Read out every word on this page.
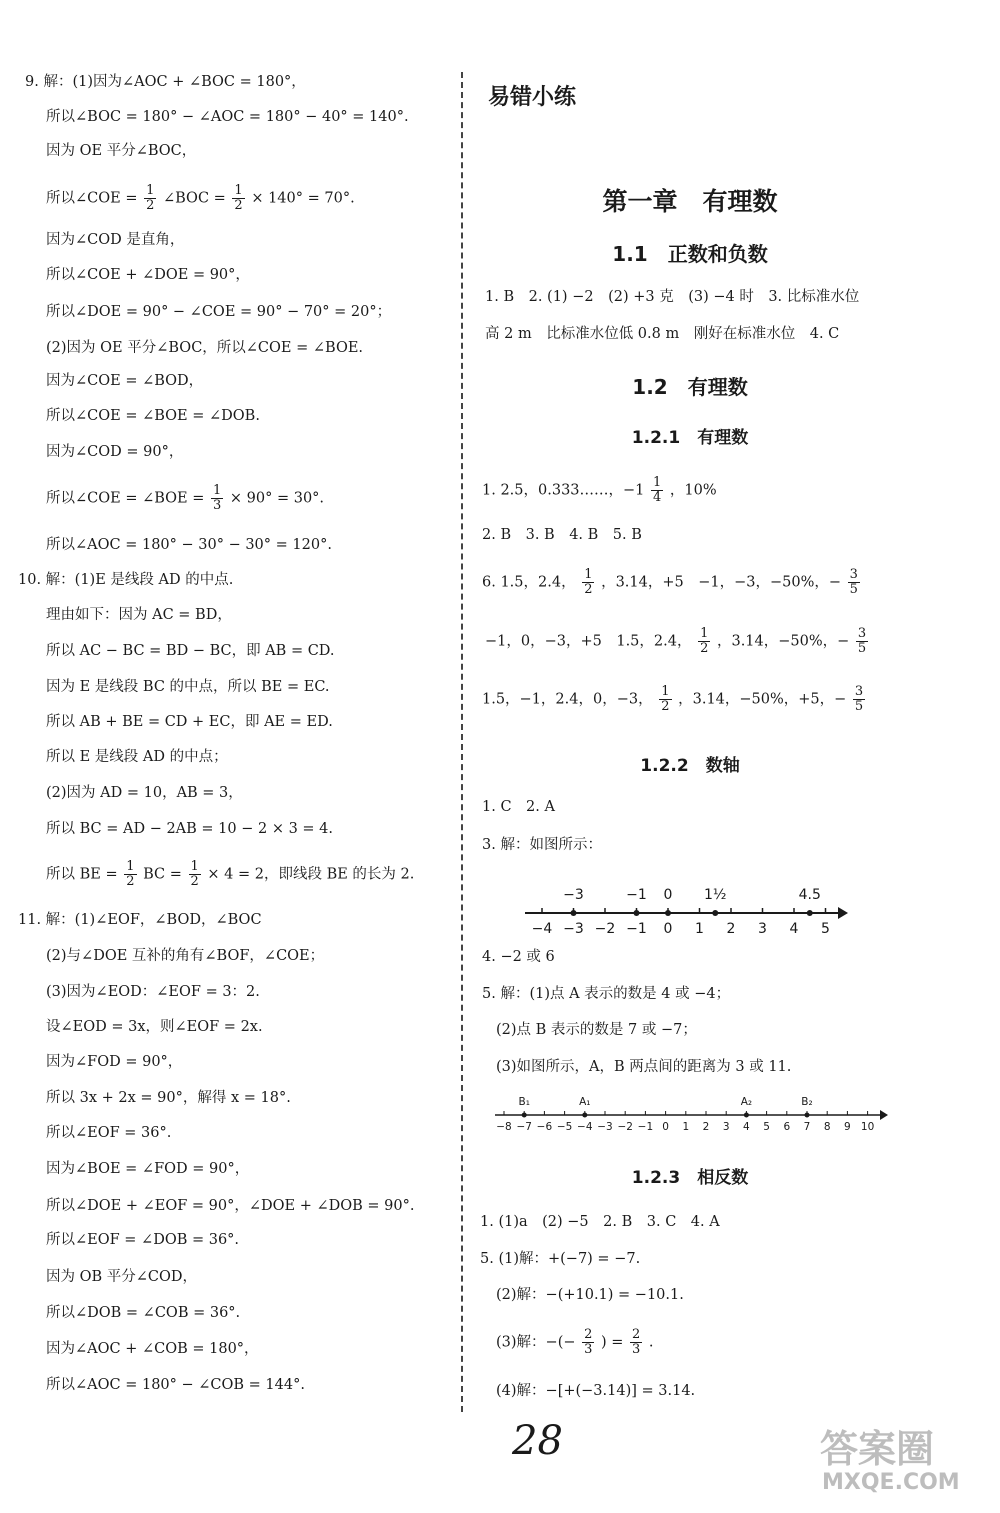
9. 解：(1)因为∠AOC + ∠BOC = 180°，
所以∠BOC = 180° − ∠AOC = 180° − 40° = 140°.
因为 OE 平分∠BOC，
所以∠COE = $\frac{1}{2}$ ∠BOC = $\frac{1}{2} \times 140^\circ = 70^\circ$.
因为∠COD 是直角，
所以∠COE + ∠DOE = 90°，
所以∠DOE = 90° − ∠COE = 90° − 70° = 20°；
(2)因为 OE 平分∠BOC，所以∠COE = ∠BOE.
因为∠COE = ∠BOD，
所以∠COE = ∠BOE = ∠DOB.
因为∠COD = 90°，
所以∠COE = ∠BOE = $\frac{1}{3} \times 90^\circ = 30^\circ$.
所以∠AOC = 180° − 30° − 30° = 120°.
10. 解：(1)E 是线段 AD 的中点.
理由如下：因为 AC = BD，
所以 AC − BC = BD − BC，即 AB = CD.
因为 E 是线段 BC 的中点，所以 BE = EC.
所以 AB + BE = CD + EC，即 AE = ED.
所以 E 是线段 AD 的中点；
(2)因为 AD = 10，AB = 3，
所以 BC = AD − 2AB = 10 − 2 × 3 = 4.
所以 BE = $\frac{1}{2}$ BC = $\frac{1}{2} \times 4 = 2$，即线段 BE 的长为 2.
11. 解：(1)∠EOF，∠BOD，∠BOC
(2)与∠DOE 互补的角有∠BOF，∠COE；
(3)因为∠EOD：∠EOF = 3：2.
设∠EOD = 3x，则∠EOF = 2x.
因为∠FOD = 90°，
所以 3x + 2x = 90°，解得 x = 18°.
所以∠EOF = 36°.
因为∠BOE = ∠FOD = 90°，
所以∠DOE + ∠EOF = 90°，∠DOE + ∠DOB = 90°.
所以∠EOF = ∠DOB = 36°.
因为 OB 平分∠COD，
所以∠DOB = ∠COB = 36°.
因为∠AOC + ∠COB = 180°，
所以∠AOC = 180° − ∠COB = 144°.
易错小练
第一章　有理数
1.1　正数和负数
1. B　2. (1) −2　(2) +3 克　(3) −4 时　3. 比标准水位
高 2 m　比标准水位低 0.8 m　刚好在标准水位　4. C
1.2　有理数
1.2.1　有理数
1. 2.5，0.333……，$-1 \frac{1}{4}$ ，10%
2. B　3. B　4. B　5. B
6. 1.5，2.4， $\frac{1}{2}$ ，3.14，+5　−1，−3，−50%，− $\frac{3}{5}$
−1，0，−3，+5　1.5，2.4， $\frac{1}{2}$ ，3.14，−50%，− $\frac{3}{5}$
1.5，−1，2.4，0，−3， $\frac{1}{2}$ ，3.14，−50%，+5，− $\frac{3}{5}$
1.2.2　数轴
1. C　2. A
3. 解：如图所示：
−4 −3 −2 −1 0 1 2 3 4 5
−3	−1 0 1½	4.5
4. −2 或 6
5. 解：(1)点 A 表示的数是 4 或 −4；
(2)点 B 表示的数是 7 或 −7；
(3)如图所示，A，B 两点间的距离为 3 或 11.
−8 −7 −6 −5 −4 −3 −2 −1 0 1 2 3 4 5 6 7 8 9 10
B₁	A₁	A₂	B₂
1.2.3　相反数
1. (1)a　(2) −5　2. B　3. C　4. A
5. (1)解：+(−7) = −7.
(2)解：−(+10.1) = −10.1.
(3)解：−(− $\frac{2}{3}$ ) = $\frac{2}{3}$ .
(4)解：−[+(−3.14)] = 3.14.
28	答案圈
MXQE.COM
